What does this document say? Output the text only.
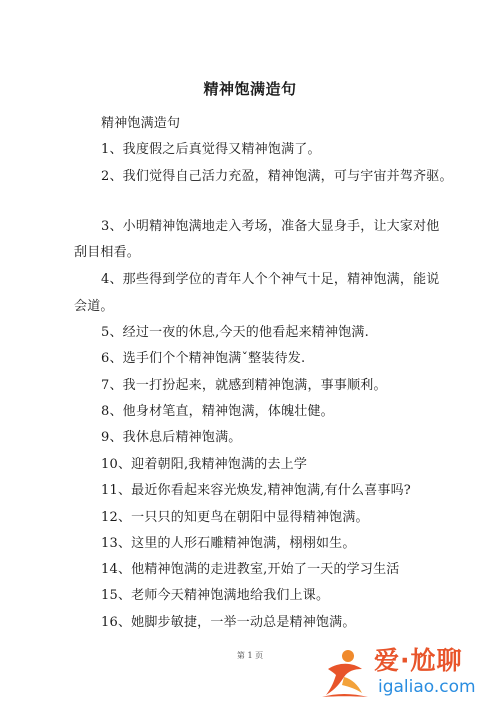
精神饱满造句
精神饱满造句
1、我度假之后真觉得又精神饱满了。
2、我们觉得自己活力充盈，精神饱满，可与宇宙并驾齐驱。
3、小明精神饱满地走入考场，准备大显身手，让大家对他
刮目相看。
4、那些得到学位的青年人个个神气十足，精神饱满，能说
会道。
5、经过一夜的休息,今天的他看起来精神饱满.
6、选手们个个精神饱满ˇ整装待发.
7、我一打扮起来，就感到精神饱满，事事顺利。
8、他身材笔直，精神饱满，体魄壮健。
9、我休息后精神饱满。
10、迎着朝阳,我精神饱满的去上学
11、最近你看起来容光焕发,精神饱满,有什么喜事吗?
12、一只只的知更鸟在朝阳中显得精神饱满。
13、这里的人形石雕精神饱满，栩栩如生。
14、他精神饱满的走进教室,开始了一天的学习生活
15、老师今天精神饱满地给我们上课。
16、她脚步敏捷，一举一动总是精神饱满。
第 1 页	爱·尬聊
igaliao.com
